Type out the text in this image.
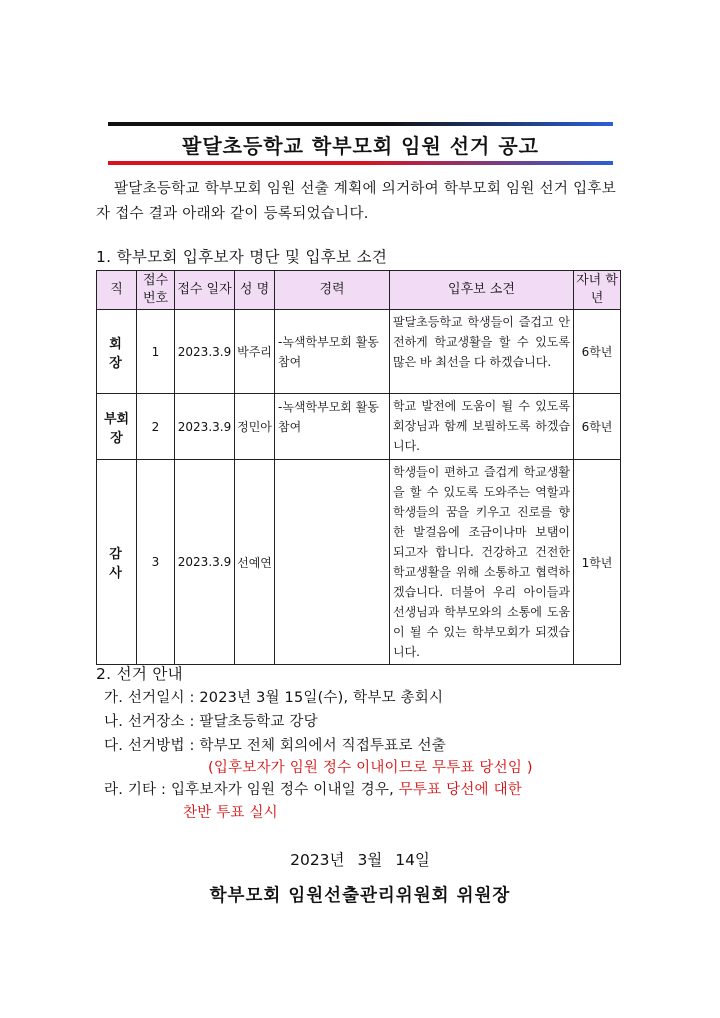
팔달초등학교 학부모회 임원 선거 공고
팔달초등학교 학부모회 임원 선출 계획에 의거하여 학부모회 임원 선거 입후보자 접수 결과 아래와 같이 등록되었습니다.
1. 학부모회 입후보자 명단 및 입후보 소견
직	접수 번호	접수 일자	성 명	경력	입후보 소견	자녀 학년
회 장	1	2023.3.9	박주리	-녹색학부모회 활동 참여	팔달초등학교 학생들이 즐겁고 안전하게 학교생활을 할 수 있도록 많은 바 최선을 다 하겠습니다.	6학년
부회장	2	2023.3.9	정민아	-녹색학부모회 활동 참여	학교 발전에 도움이 될 수 있도록 회장님과 함께 보필하도록 하겠습니다.	6학년
감 사	3	2023.3.9	선예연		학생들이 편하고 즐겁게 학교생활을 할 수 있도록 도와주는 역할과 학생들의 꿈을 키우고 진로를 향한 발걸음에 조금이나마 보탬이 되고자 합니다. 건강하고 건전한 학교생활을 위해 소통하고 협력하겠습니다. 더불어 우리 아이들과 선생님과 학부모와의 소통에 도움이 될 수 있는 학부모회가 되겠습니다.	1학년
2. 선거 안내
가. 선거일시 : 2023년 3월 15일(수), 학부모 총회시
나. 선거장소 : 팔달초등학교 강당
다. 선거방법 : 학부모 전체 회의에서 직접투표로 선출
(입후보자가 임원 정수 이내이므로 무투표 당선임 )
라. 기타 : 입후보자가 임원 정수 이내일 경우, 무투표 당선에 대한
찬반 투표 실시
2023년 3월 14일
학부모회 임원선출관리위원회 위원장
